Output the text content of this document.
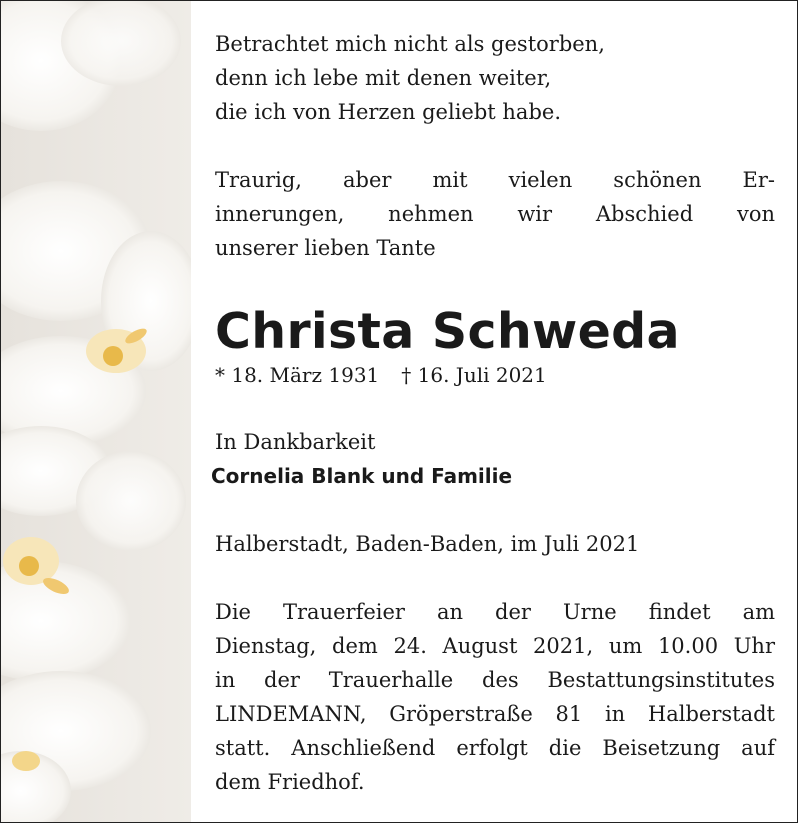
Betrachtet mich nicht als gestorben,

denn ich lebe mit denen weiter,

die ich von Herzen geliebt habe.

Traurig, aber mit vielen schönen Er-

innerungen, nehmen wir Abschied von

unserer lieben Tante

Christa Schweda
* 18. März 1931 † 16. Juli 2021

In Dankbarkeit

Cornelia Blank und Familie

Halberstadt, Baden-Baden, im Juli 2021

Die Trauerfeier an der Urne findet am

Dienstag, dem 24. August 2021, um 10.00 Uhr

in der Trauerhalle des Bestattungsinstitutes

LINDEMANN, Gröperstraße 81 in Halberstadt

statt. Anschließend erfolgt die Beisetzung auf

dem Friedhof.
